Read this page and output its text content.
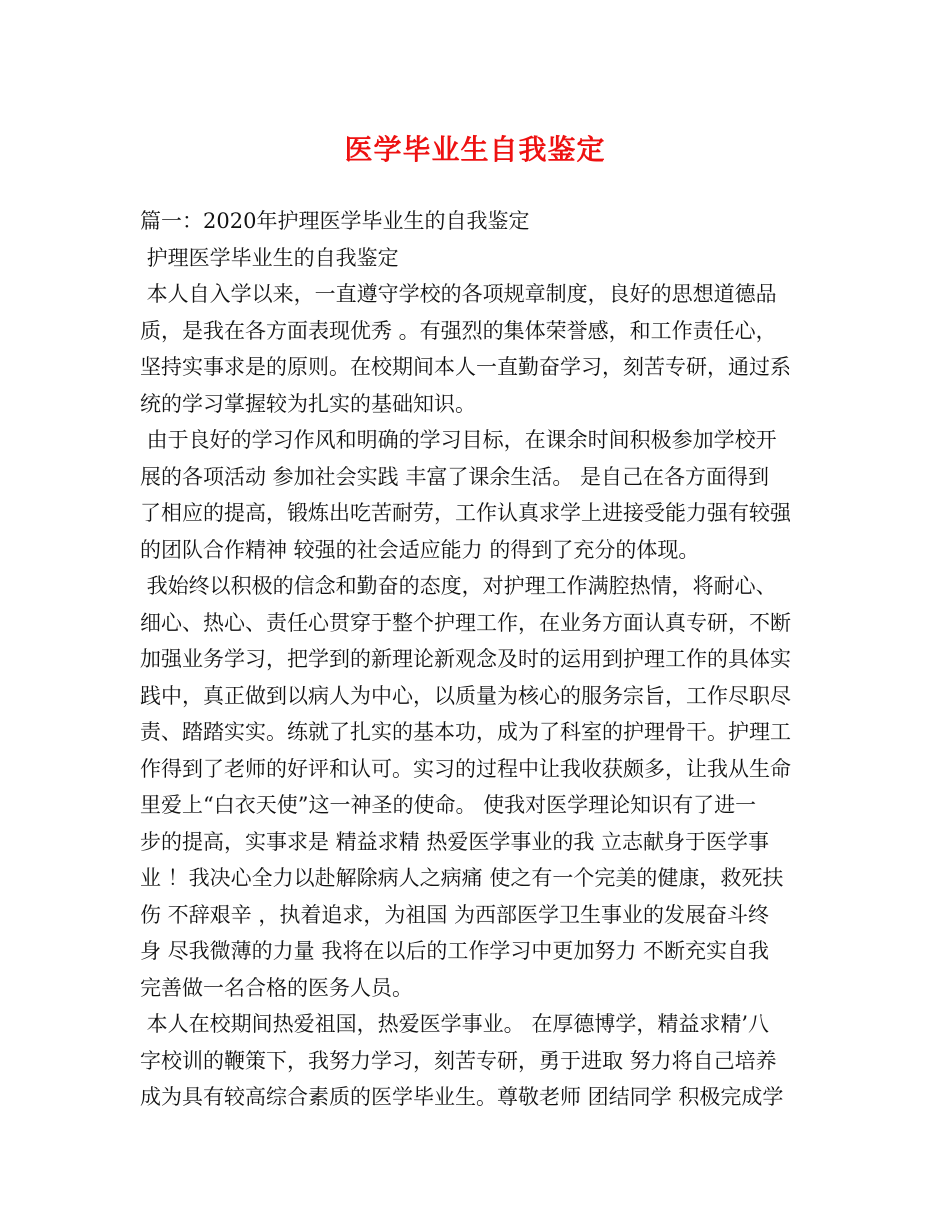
医学毕业生自我鉴定
篇一：2020年护理医学毕业生的自我鉴定
护理医学毕业生的自我鉴定
本人自入学以来，一直遵守学校的各项规章制度，良好的思想道德品
质，是我在各方面表现优秀 。有强烈的集体荣誉感，和工作责任心，
坚持实事求是的原则。在校期间本人一直勤奋学习，刻苦专研，通过系
统的学习掌握较为扎实的基础知识。
由于良好的学习作风和明确的学习目标，在课余时间积极参加学校开
展的各项活动 参加社会实践 丰富了课余生活。 是自己在各方面得到
了相应的提高，锻炼出吃苦耐劳，工作认真求学上进接受能力强有较强
的团队合作精神 较强的社会适应能力 的得到了充分的体现。
我始终以积极的信念和勤奋的态度，对护理工作满腔热情，将耐心、
细心、热心、责任心贯穿于整个护理工作，在业务方面认真专研，不断
加强业务学习，把学到的新理论新观念及时的运用到护理工作的具体实
践中，真正做到以病人为中心，以质量为核心的服务宗旨，工作尽职尽
责、踏踏实实。练就了扎实的基本功，成为了科室的护理骨干。护理工
作得到了老师的好评和认可。实习的过程中让我收获颇多，让我从生命
里爱上“白衣天使”这一神圣的使命。 使我对医学理论知识有了进一
步的提高，实事求是 精益求精 热爱医学事业的我 立志献身于医学事
业 ！我决心全力以赴解除病人之病痛 使之有一个完美的健康，救死扶
伤 不辞艰辛 ，执着追求，为祖国 为西部医学卫生事业的发展奋斗终
身 尽我微薄的力量 我将在以后的工作学习中更加努力 不断充实自我
完善做一名合格的医务人员。
本人在校期间热爱祖国，热爱医学事业。 在厚德博学，精益求精’八
字校训的鞭策下，我努力学习，刻苦专研，勇于进取 努力将自己培养
成为具有较高综合素质的医学毕业生。尊敬老师 团结同学 积极完成学
